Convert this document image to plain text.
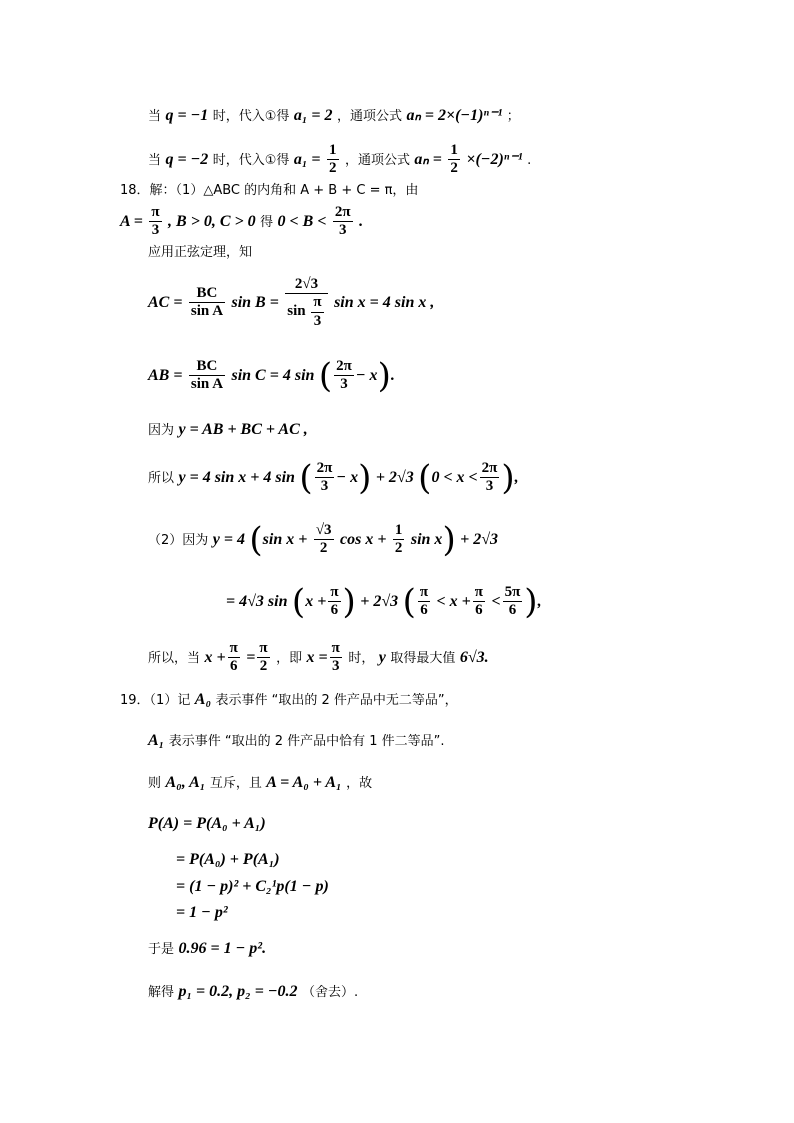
当 q = −1 时，代入①得 a₁ = 2 ，通项公式 aₙ = 2×(−1)ⁿ⁻¹ ；
当 q = −2 时，代入①得 $a_1 = \frac{1}{2}$ ，通项公式 $a_n = \frac{1}{2} \times(-2)^{n-1}$ .
18．解：（1）△ABC 的内角和 A + B + C = π，由
$A = \frac{\pi}{3}$ , B > 0, C > 0 得 $0 < B < \frac{2\pi}{3}$ .
应用正弦定理，知
AC = $\frac{BC}{\text{sin A}}$ $\sin B = \frac{2√3}{\sin \frac{\pi}{3}}$ sin x = 4 sin x ,
AB = $\frac{BC}{\text{sin A}}$ sin C = 4 sin ( $\frac{2\pi}{3} - x$).
因为 y = AB + BC + AC ,
所以 y = 4 sin x + 4 sin ( $\frac{2\pi}{3} - x) + 2√3$ ($0 < x < \frac{2\pi}{3}$ ),
（2）因为 y = 4 (sin $x + \frac{√3}{2}$ $\cos x + \frac{1}{2}$ sin x) + 2√3
= 4√3 $\sin (x + \frac{\pi}{6}$ ) + 2√3 ( $\frac{\pi}{6} < x + \frac{\pi}{6} < \frac{5\pi}{6}$ ),
所以，当 $x + \frac{\pi}{6} = \frac{\pi}{2}$ ，即 $x = \frac{\pi}{3}$ 时， y 取得最大值 6√3.
19．（1）记 A₀ 表示事件 “取出的 2 件产品中无二等品”，
A₁ 表示事件 “取出的 2 件产品中恰有 1 件二等品”.
则 A₀, A₁ 互斥，且 A = A₀ + A₁ ，故
P(A) = P(A₀ + A₁)
= P(A₀) + P(A₁)
= (1 − p)² + C₂¹p(1 − p)
= 1 − p²
于是 0.96 = 1 − p².
解得 p₁ = 0.2, p₂ = −0.2 （舍去）.
